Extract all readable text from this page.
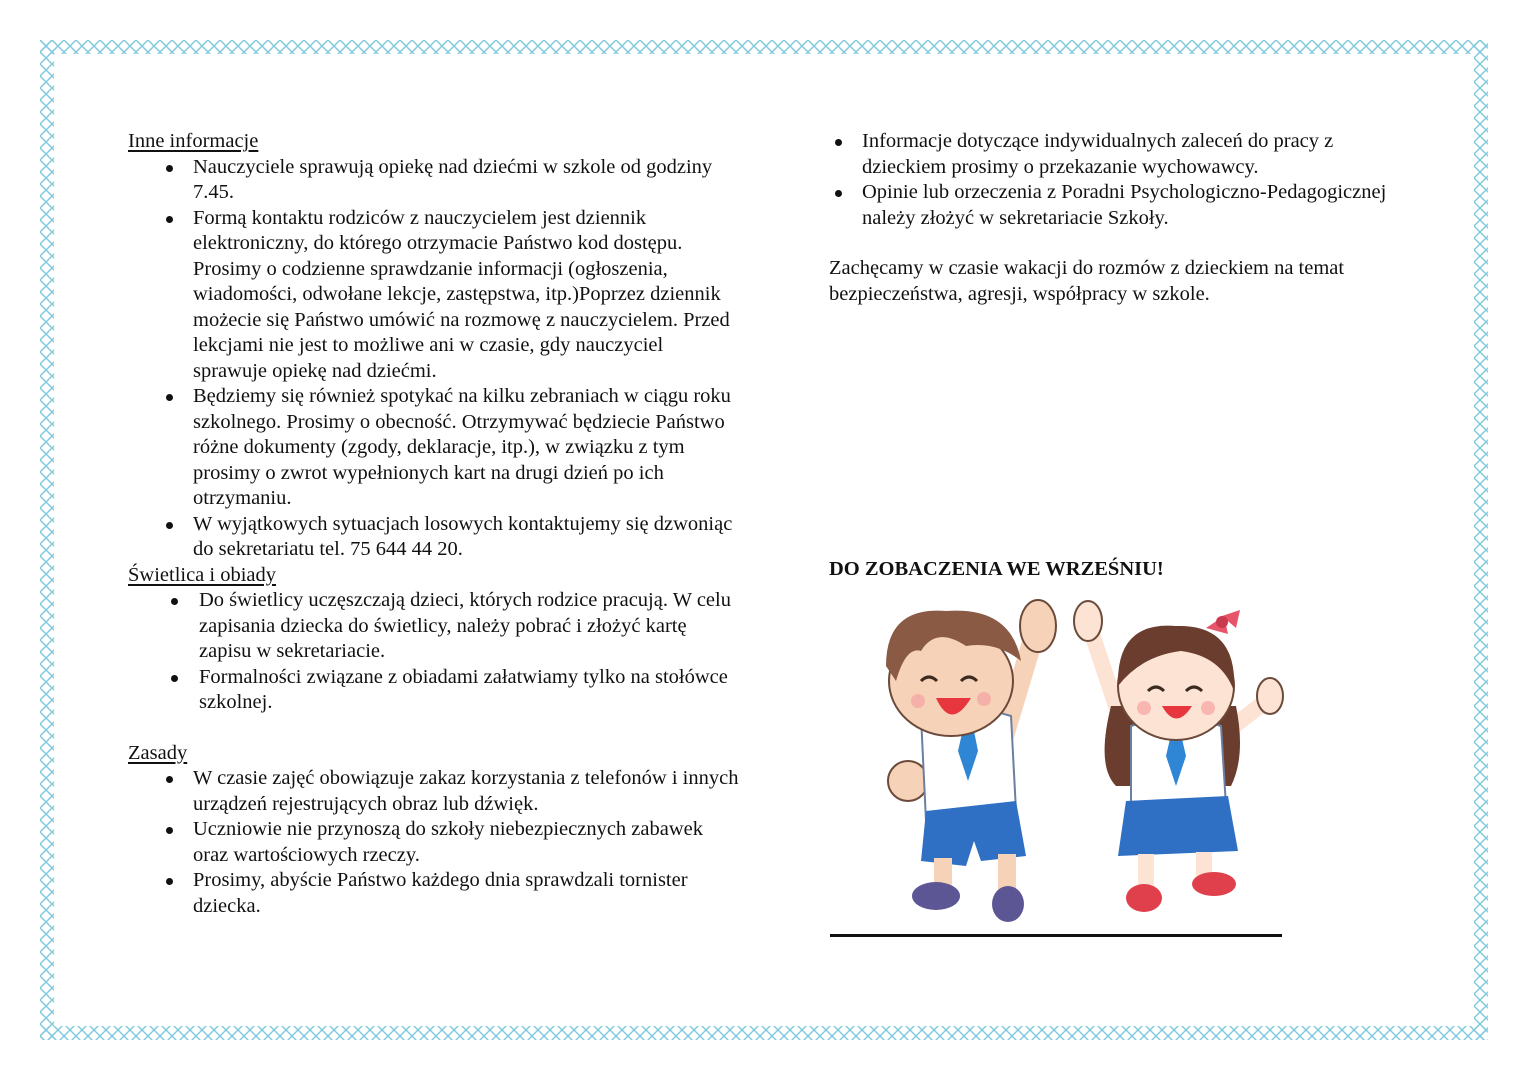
Inne informacje
Nauczyciele sprawują opiekę nad dziećmi w szkole od godziny 7.45.
Formą kontaktu rodziców z nauczycielem jest dziennik elektroniczny, do którego otrzymacie Państwo kod dostępu. Prosimy o codzienne sprawdzanie informacji (ogłoszenia, wiadomości, odwołane lekcje, zastępstwa, itp.)Poprzez dziennik możecie się Państwo umówić na rozmowę z nauczycielem. Przed lekcjami nie jest to możliwe ani w czasie, gdy nauczyciel sprawuje opiekę nad dziećmi.
Będziemy się również spotykać na kilku zebraniach w ciągu roku szkolnego. Prosimy o obecność. Otrzymywać będziecie Państwo różne dokumenty (zgody, deklaracje, itp.), w związku z tym prosimy o zwrot wypełnionych kart na drugi dzień po ich otrzymaniu.
W wyjątkowych sytuacjach losowych kontaktujemy się dzwoniąc do sekretariatu tel. 75 644 44 20.
Świetlica i obiady
Do świetlicy uczęszczają dzieci, których rodzice pracują. W celu zapisania dziecka do świetlicy, należy pobrać i złożyć kartę zapisu w sekretariacie.
Formalności związane z obiadami załatwiamy tylko na stołówce szkolnej.
Zasady
W czasie zajęć obowiązuje zakaz korzystania z telefonów i innych urządzeń rejestrujących obraz lub dźwięk.
Uczniowie nie przynoszą do szkoły niebezpiecznych zabawek oraz wartościowych rzeczy.
Prosimy, abyście Państwo każdego dnia sprawdzali tornister dziecka.
Informacje dotyczące indywidualnych zaleceń do pracy z dzieckiem prosimy o przekazanie wychowawcy.
Opinie lub orzeczenia z Poradni Psychologiczno-Pedagogicznej należy złożyć w sekretariacie Szkoły.

Zachęcamy w czasie wakacji do rozmów z dzieckiem na temat bezpieczeństwa, agresji, współpracy w szkole.

DO ZOBACZENIA WE WRZEŚNIU!
